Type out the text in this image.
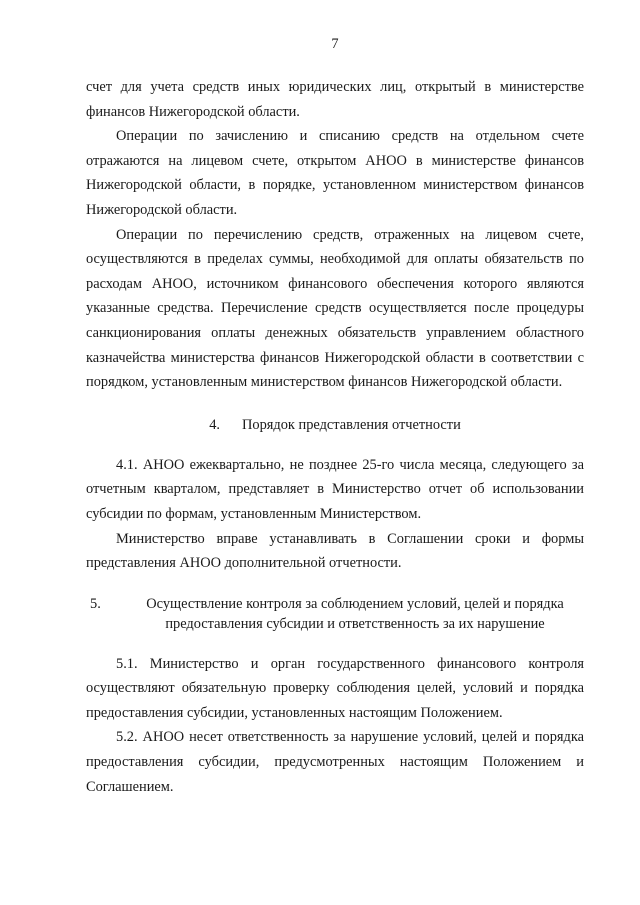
7

счет для учета средств иных юридических лиц, открытый в министерстве финансов Нижегородской области.

Операции по зачислению и списанию средств на отдельном счете отражаются на лицевом счете, открытом АНОО в министерстве финансов Нижегородской области, в порядке, установленном министерством финансов Нижегородской области.

Операции по перечислению средств, отраженных на лицевом счете, осуществляются в пределах суммы, необходимой для оплаты обязательств по расходам АНОО, источником финансового обеспечения которого являются указанные средства. Перечисление средств осуществляется после процедуры санкционирования оплаты денежных обязательств управлением областного казначейства министерства финансов Нижегородской области в соответствии с порядком, установленным министерством финансов Нижегородской области.

4. Порядок представления отчетности

4.1. АНОО ежеквартально, не позднее 25-го числа месяца, следующего за отчетным кварталом, представляет в Министерство отчет об использовании субсидии по формам, установленным Министерством.

Министерство вправе устанавливать в Соглашении сроки и формы представления АНОО дополнительной отчетности.

5.	Осуществление контроля за соблюдением условий, целей и порядка
предоставления субсидии и ответственность за их нарушение

5.1. Министерство и орган государственного финансового контроля осуществляют обязательную проверку соблюдения целей, условий и порядка предоставления субсидии, установленных настоящим Положением.

5.2. АНОО несет ответственность за нарушение условий, целей и порядка предоставления субсидии, предусмотренных настоящим Положением и Соглашением.
